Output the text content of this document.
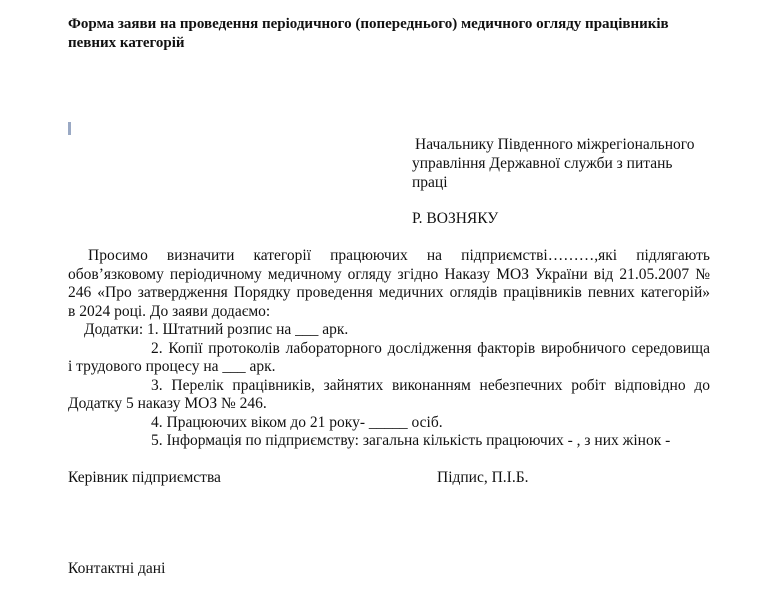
Форма заяви на проведення періодичного (попереднього) медичного огляду працівників
певних категорій
Начальнику Південного міжрегіонального
управління Державної служби з питань
праці
Р. ВОЗНЯКУ
Просимо визначити категорії працюючих на підприємстві………,які підлягають
обов’язковому періодичному медичному огляду згідно Наказу МОЗ України від 21.05.2007 №
246 «Про затвердження Порядку проведення медичних оглядів працівників певних категорій»
в 2024 році. До заяви додаємо:
Додатки: 1. Штатний розпис на ___ арк.
2. Копії протоколів лабораторного дослідження факторів виробничого середовища
і трудового процесу на ___ арк.
3. Перелік працівників, зайнятих виконанням небезпечних робіт відповідно до
Додатку 5 наказу МОЗ № 246.
4. Працюючих віком до 21 року- _____ осіб.
5. Інформація по підприємству: загальна кількість працюючих - , з них жінок -
Керівник підприємства	Підпис, П.І.Б.
Контактні дані
